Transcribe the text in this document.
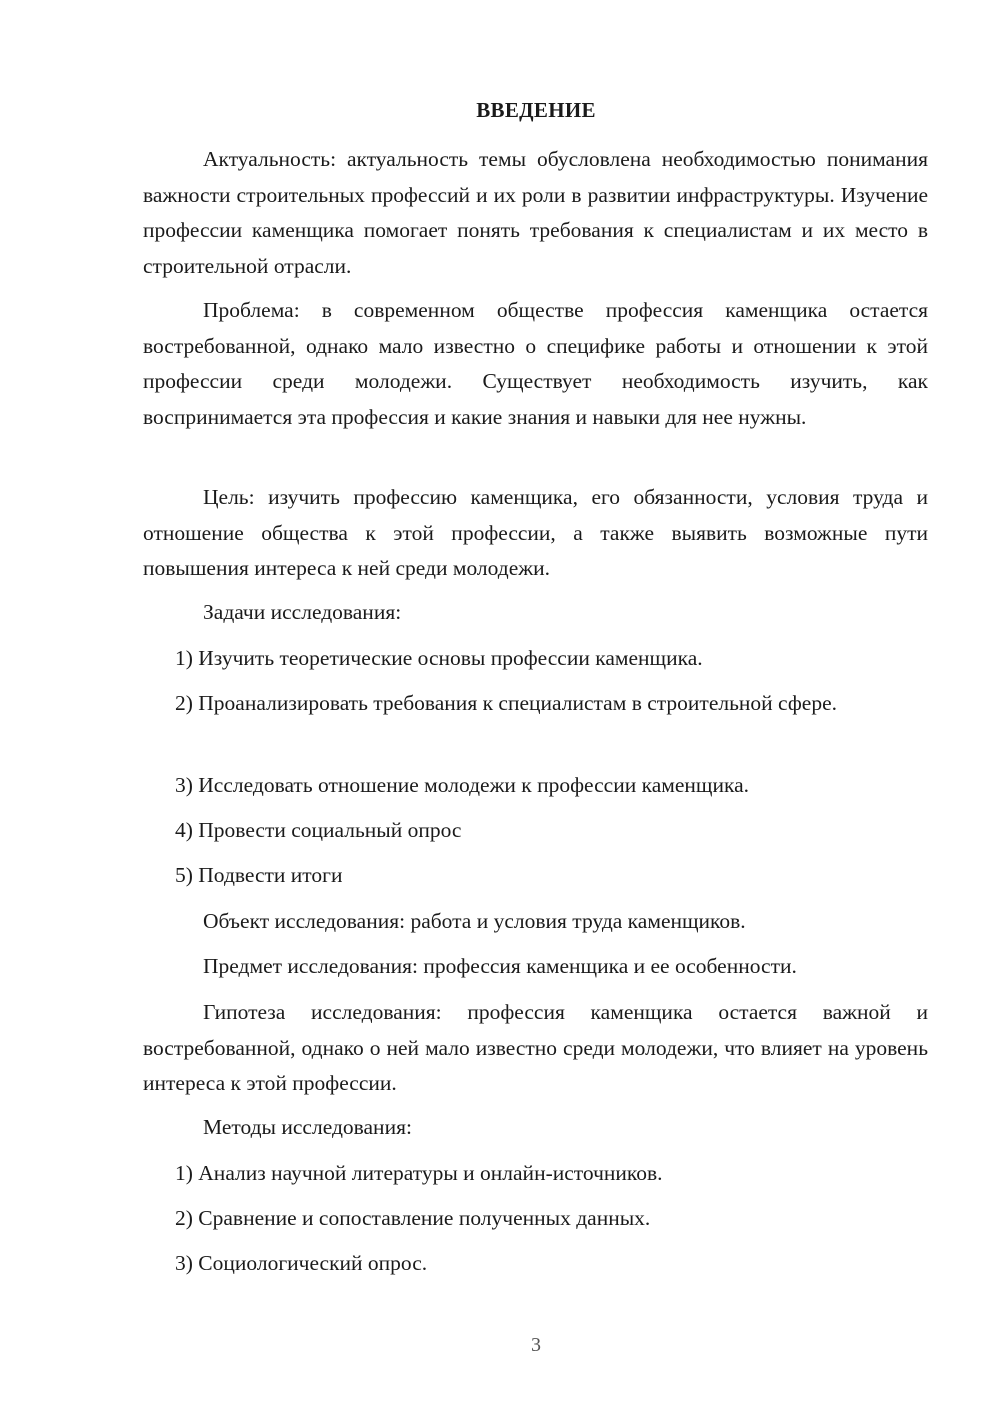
ВВЕДЕНИЕ

Актуальность: актуальность темы обусловлена необходимостью понимания важности строительных профессий и их роли в развитии инфраструктуры. Изучение профессии каменщика помогает понять требования к специалистам и их место в строительной отрасли.

Проблема: в современном обществе профессия каменщика остается востребованной, однако мало известно о специфике работы и отношении к этой профессии среди молодежи. Существует необходимость изучить, как воспринимается эта профессия и какие знания и навыки для нее нужны.

Цель: изучить профессию каменщика, его обязанности, условия труда и отношение общества к этой профессии, а также выявить возможные пути повышения интереса к ней среди молодежи.

Задачи исследования:

1) Изучить теоретические основы профессии каменщика.

2) Проанализировать требования к специалистам в строительной сфере.

3) Исследовать отношение молодежи к профессии каменщика.

4) Провести социальный опрос

5) Подвести итоги

Объект исследования: работа и условия труда каменщиков.

Предмет исследования: профессия каменщика и ее особенности.

Гипотеза исследования: профессия каменщика остается важной и востребованной, однако о ней мало известно среди молодежи, что влияет на уровень интереса к этой профессии.

Методы исследования:

1) Анализ научной литературы и онлайн-источников.

2) Сравнение и сопоставление полученных данных.

3) Социологический опрос.

3
